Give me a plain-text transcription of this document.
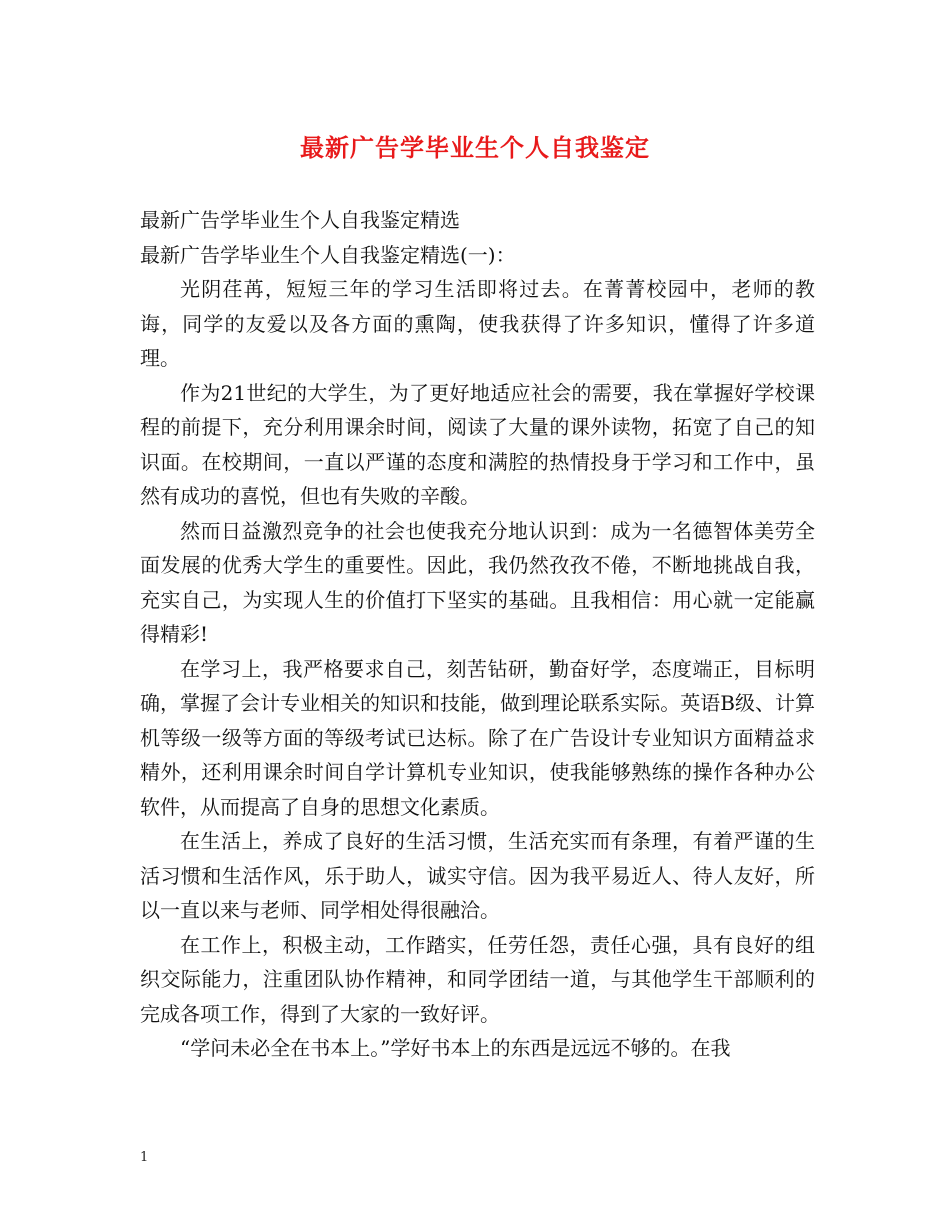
最新广告学毕业生个人自我鉴定

最新广告学毕业生个人自我鉴定精选

最新广告学毕业生个人自我鉴定精选(一)：

光阴荏苒，短短三年的学习生活即将过去。在菁菁校园中，老师的教诲，同学的友爱以及各方面的熏陶，使我获得了许多知识，懂得了许多道理。

作为21世纪的大学生，为了更好地适应社会的需要，我在掌握好学校课程的前提下，充分利用课余时间，阅读了大量的课外读物，拓宽了自己的知识面。在校期间，一直以严谨的态度和满腔的热情投身于学习和工作中，虽然有成功的喜悦，但也有失败的辛酸。

然而日益激烈竞争的社会也使我充分地认识到：成为一名德智体美劳全面发展的优秀大学生的重要性。因此，我仍然孜孜不倦，不断地挑战自我，充实自己，为实现人生的价值打下坚实的基础。且我相信：用心就一定能赢得精彩!

在学习上，我严格要求自己，刻苦钻研，勤奋好学，态度端正，目标明确，掌握了会计专业相关的知识和技能，做到理论联系实际。英语B级、计算机等级一级等方面的等级考试已达标。除了在广告设计专业知识方面精益求精外，还利用课余时间自学计算机专业知识，使我能够熟练的操作各种办公软件，从而提高了自身的思想文化素质。

在生活上，养成了良好的生活习惯，生活充实而有条理，有着严谨的生活习惯和生活作风，乐于助人，诚实守信。因为我平易近人、待人友好，所以一直以来与老师、同学相处得很融洽。

在工作上，积极主动，工作踏实，任劳任怨，责任心强，具有良好的组织交际能力，注重团队协作精神，和同学团结一道，与其他学生干部顺利的完成各项工作，得到了大家的一致好评。

“学问未必全在书本上。”学好书本上的东西是远远不够的。在我

1
